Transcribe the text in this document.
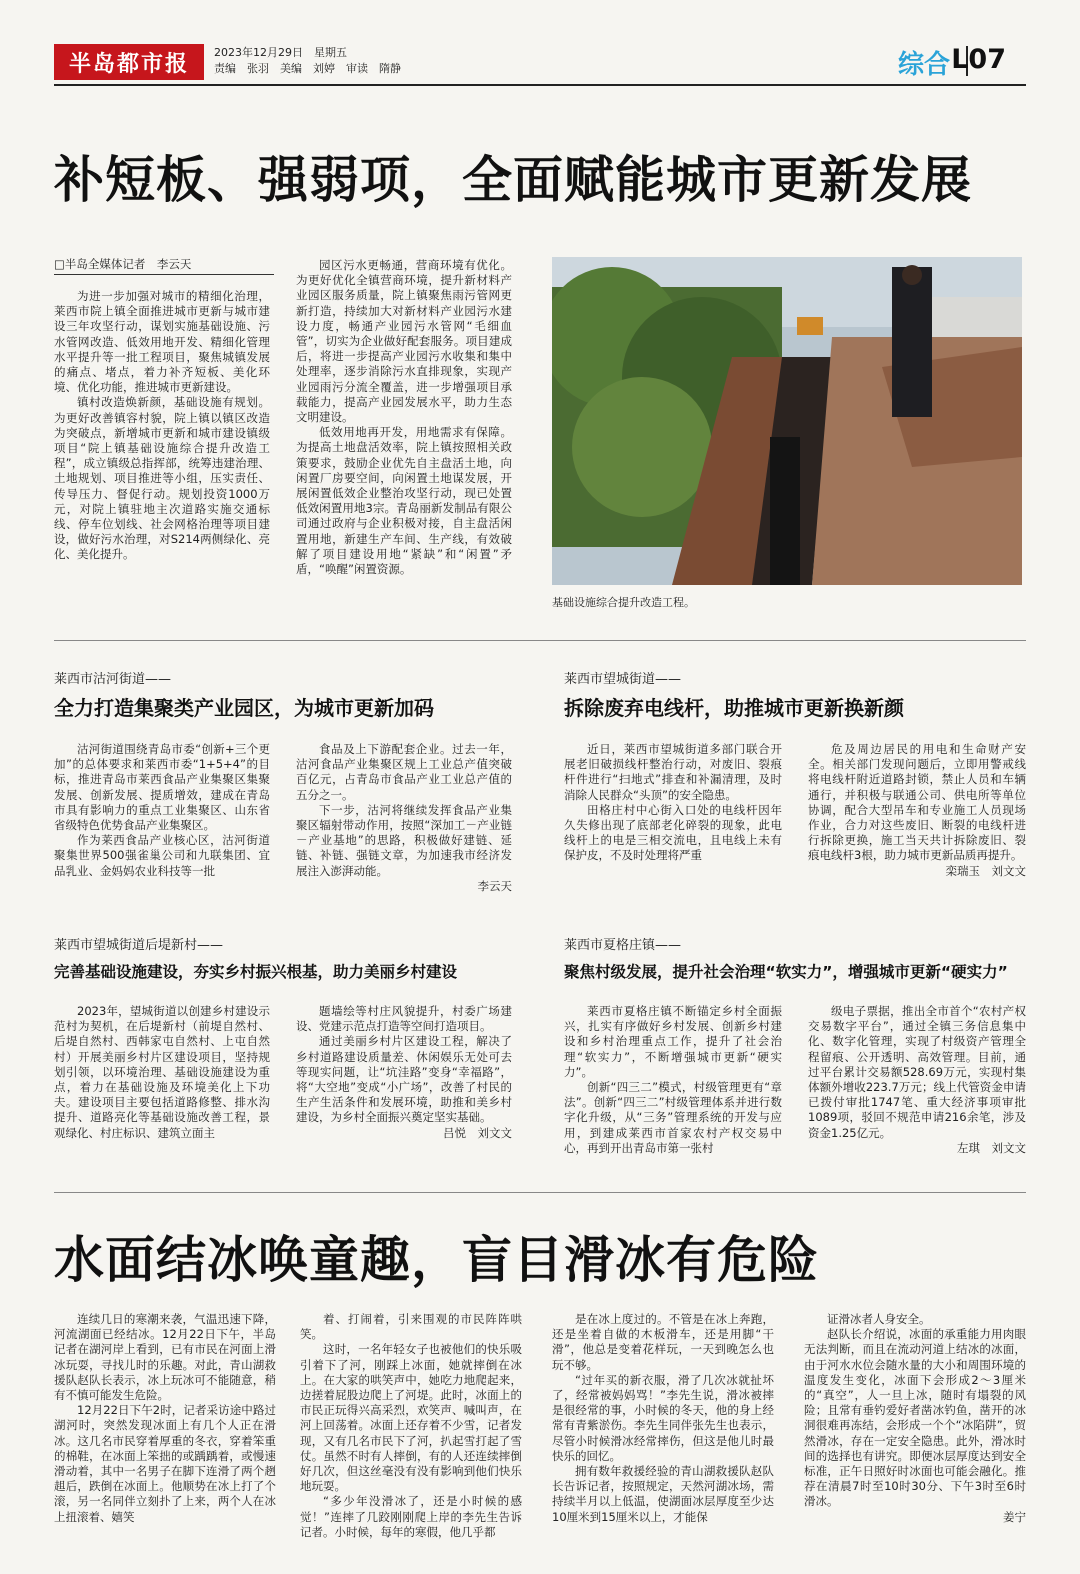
半岛都市报	2023年12月29日　 星期五
责编　张羽　美编　刘婷　审读　隋静	综合 L07
补短板、强弱项，全面赋能城市更新发展
□半岛全媒体记者　李云天

为进一步加强对城市的精细化治理，莱西市院上镇全面推进城市更新与城市建设三年攻坚行动，谋划实施基础设施、污水管网改造、低效用地开发、精细化管理水平提升等一批工程项目，聚焦城镇发展的痛点、堵点，着力补齐短板、美化环境、优化功能，推进城市更新建设。

镇村改造焕新颜，基础设施有规划。为更好改善镇容村貌，院上镇以镇区改造为突破点，新增城市更新和城市建设镇级项目“院上镇基础设施综合提升改造工程”，成立镇级总指挥部，统筹违建治理、土地规划、项目推进等小组，压实责任、传导压力、督促行动。规划投资1000万元，对院上镇驻地主次道路实施交通标线、停车位划线、社会网格治理等项目建设，做好污水治理，对S214两侧绿化、亮化、美化提升。

园区污水更畅通，营商环境有优化。为更好优化全镇营商环境，提升新材料产业园区服务质量，院上镇聚焦雨污管网更新打造，持续加大对新材料产业园污水建设力度，畅通产业园污水管网“毛细血管”，切实为企业做好配套服务。项目建成后，将进一步提高产业园污水收集和集中处理率，逐步消除污水直排现象，实现产业园雨污分流全覆盖，进一步增强项目承载能力，提高产业园发展水平，助力生态文明建设。

低效用地再开发，用地需求有保障。为提高土地盘活效率，院上镇按照相关政策要求，鼓励企业优先自主盘活土地，向闲置厂房要空间，向闲置土地谋发展，开展闲置低效企业整治攻坚行动，现已处置低效闲置用地3宗。青岛丽新发制品有限公司通过政府与企业积极对接，自主盘活闲置用地，新建生产车间、生产线，有效破解了项目建设用地“紧缺”和“闲置”矛盾，“唤醒”闲置资源。

基础设施综合提升改造工程。
莱西市沽河街道——
全力打造集聚类产业园区，为城市更新加码

沽河街道围绕青岛市委“创新+三个更加”的总体要求和莱西市委“1+5+4”的目标，推进青岛市莱西食品产业集聚区集聚发展、创新发展、提质增效，建成在青岛市具有影响力的重点工业集聚区、山东省省级特色优势食品产业集聚区。

作为莱西食品产业核心区，沽河街道聚集世界500强雀巢公司和九联集团、宜品乳业、金妈妈农业科技等一批

食品及上下游配套企业。过去一年，沽河食品产业集聚区规上工业总产值突破百亿元，占青岛市食品产业工业总产值的五分之一。

下一步，沽河将继续发挥食品产业集聚区辐射带动作用，按照“深加工－产业链－产业基地”的思路，积极做好建链、延链、补链、强链文章，为加速我市经济发展注入澎湃动能。

李云天
莱西市望城街道——
拆除废弃电线杆，助推城市更新换新颜

近日，莱西市望城街道多部门联合开展老旧破损线杆整治行动，对废旧、裂痕杆件进行“扫地式”排查和补漏清理，及时消除人民群众“头顶”的安全隐患。

田格庄村中心街入口处的电线杆因年久失修出现了底部老化碎裂的现象，此电线杆上的电是三相交流电，且电线上未有保护皮，不及时处理将严重

危及周边居民的用电和生命财产安全。相关部门发现问题后，立即用警戒线将电线杆附近道路封锁，禁止人员和车辆通行，并积极与联通公司、供电所等单位协调，配合大型吊车和专业施工人员现场作业，合力对这些废旧、断裂的电线杆进行拆除更换，施工当天共计拆除废旧、裂痕电线杆3根，助力城市更新品质再提升。

栾瑞玉　刘文文
莱西市望城街道后堤新村——
完善基础设施建设，夯实乡村振兴根基，助力美丽乡村建设

2023年，望城街道以创建乡村建设示范村为契机，在后堤新村（前堤自然村、后堤自然村、西韩家屯自然村、上屯自然村）开展美丽乡村片区建设项目，坚持规划引领，以环境治理、基础设施建设为重点，着力在基础设施及环境美化上下功夫。建设项目主要包括道路修整、排水沟提升、道路亮化等基础设施改善工程，景观绿化、村庄标识、建筑立面主

题墙绘等村庄风貌提升，村委广场建设、党建示范点打造等空间打造项目。

通过美丽乡村片区建设工程，解决了乡村道路建设质量差、休闲娱乐无处可去等现实问题，让“坑洼路”变身“幸福路”，将“大空地”变成“小广场”，改善了村民的生产生活条件和发展环境，助推和美乡村建设，为乡村全面振兴奠定坚实基础。

吕悦　刘文文
莱西市夏格庄镇——
聚焦村级发展，提升社会治理“软实力”，增强城市更新“硬实力”

莱西市夏格庄镇不断锚定乡村全面振兴，扎实有序做好乡村发展、创新乡村建设和乡村治理重点工作，提升了社会治理“软实力”，不断增强城市更新“硬实力”。

创新“四三二”模式，村级管理更有“章法”。创新“四三二”村级管理体系并进行数字化升级，从“三务”管理系统的开发与应用，到建成莱西市首家农村产权交易中心，再到开出青岛市第一张村

级电子票据，推出全市首个“农村产权交易数字平台”，通过全镇三务信息集中化、数字化管理，实现了村级资产管理全程留痕、公开透明、高效管理。目前，通过平台累计交易额528.69万元，实现村集体额外增收223.7万元；线上代管资金申请已拨付审批1747笔、重大经济事项审批1089项，驳回不规范申请216余笔，涉及资金1.25亿元。

左琪　刘文文
水面结冰唤童趣，盲目滑冰有危险

连续几日的寒潮来袭，气温迅速下降，河流湖面已经结冰。12月22日下午，半岛记者在湖河岸上看到，已有市民在河面上滑冰玩耍，寻找儿时的乐趣。对此，青山湖救援队赵队长表示，冰上玩冰可不能随意，稍有不慎可能发生危险。

12月22日下午2时，记者采访途中路过湖河时，突然发现冰面上有几个人正在滑冰。这几名市民穿着厚重的冬衣，穿着笨重的棉鞋，在冰面上笨拙的或踽踽着，或慢速滑动着，其中一名男子在脚下连滑了两个趔趄后，跌倒在冰面上。他顺势在冰上打了个滚，另一名同伴立刻扑了上来，两个人在冰上扭滚着、嬉笑

着、打闹着，引来围观的市民阵阵哄笑。

这时，一名年轻女子也被他们的快乐吸引着下了河，刚踩上冰面，她就摔倒在冰上。在大家的哄笑声中，她吃力地爬起来，边搓着屁股边爬上了河堤。此时，冰面上的市民正玩得兴高采烈，欢笑声、喊叫声，在河上回荡着。冰面上还存着不少雪，记者发现，又有几名市民下了河，扒起雪打起了雪仗。虽然不时有人摔倒，有的人还连续摔倒好几次，但这丝毫没有没有影响到他们快乐地玩耍。

“多少年没滑冰了，还是小时候的感觉！”连摔了几跤刚刚爬上岸的李先生告诉记者。小时候，每年的寒假，他几乎都

是在冰上度过的。不管是在冰上奔跑，还是坐着自做的木板滑车，还是用脚“干滑”，他总是变着花样玩，一天到晚怎么也玩不够。

“过年买的新衣服，滑了几次冰就扯坏了，经常被妈妈骂！”李先生说，滑冰被摔是很经常的事，小时候的冬天，他的身上经常有青紫淤伤。李先生同伴张先生也表示，尽管小时候滑冰经常摔伤，但这是他儿时最快乐的回忆。

拥有数年救援经验的青山湖救援队赵队长告诉记者，按照规定，天然河湖冰场，需持续半月以上低温，使湖面冰层厚度至少达10厘米到15厘米以上，才能保

证滑冰者人身安全。

赵队长介绍说，冰面的承重能力用肉眼无法判断，而且在流动河道上结冰的冰面，由于河水水位会随水量的大小和周围环境的温度发生变化，冰面下会形成2～3厘米的“真空”，人一旦上冰，随时有塌裂的风险；且常有垂钓爱好者凿冰钓鱼，凿开的冰洞很难再冻结，会形成一个个“冰陷阱”，贸然滑冰，存在一定安全隐患。此外，滑冰时间的选择也有讲究。即便冰层厚度达到安全标准，正午日照好时冰面也可能会融化。推荐在清晨7时至10时30分、下午3时至6时滑冰。

姜宁
